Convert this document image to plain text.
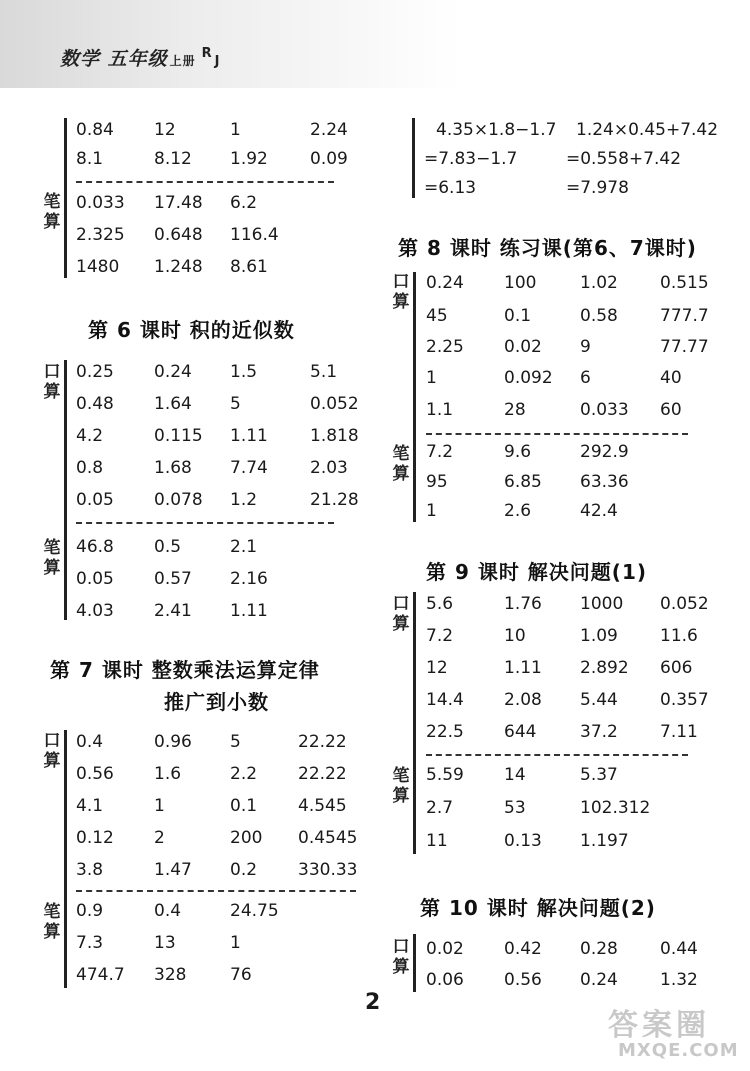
数学 五年级 上册 $^R$J
笔算
0.84 12	1	2.24
8.1	8.12 1.92 0.09
0.033 17.48 6.2
2.325 0.648 116.4
1480 1.248 8.61
第 6 课时 积的近似数
口算
笔算
0.25 0.24 1.5	5.1
0.48 1.64 5	0.052
4.2	0.115 1.11 1.818
0.8	1.68 7.74 2.03
0.05 0.078 1.2	21.28
46.8 0.5	2.1
0.05 0.57 2.16
4.03 2.41 1.11
第 7 课时 整数乘法运算定律
推广到小数
口算
笔算
0.4	0.96 5	22.22
0.56 1.6	2.2 22.22
4.1	1	0.1 4.545
0.12 2	200 0.4545
3.8	1.47 0.2 330.33
0.9	0.4	24.75
7.3	13	1
474.7 328	76
4.35×1.8−1.7 1.24×0.45+7.42
=7.83−1.7	=0.558+7.42
=6.13	=7.978
第 8 课时 练习课(第6、7课时)
口算
笔算
0.24 100	1.02 0.515
45	0.1	0.58 777.7
2.25 0.02 9	77.77
1	0.092 6	40
1.1	28	0.033 60
7.2	9.6	292.9
95	6.85 63.36
1	2.6	42.4
第 9 课时 解决问题(1)
口算
笔算
5.6	1.76 1000 0.052
7.2	10	1.09 11.6
12	1.11 2.892 606
14.4 2.08 5.44 0.357
22.5 644	37.2 7.11
5.59 14	5.37
2.7	53	102.312
11	0.13 1.197
第 10 课时 解决问题(2)
口算
0.02 0.42 0.28 0.44
0.06 0.56 0.24 1.32
2
答案圈
MXQE.COM
